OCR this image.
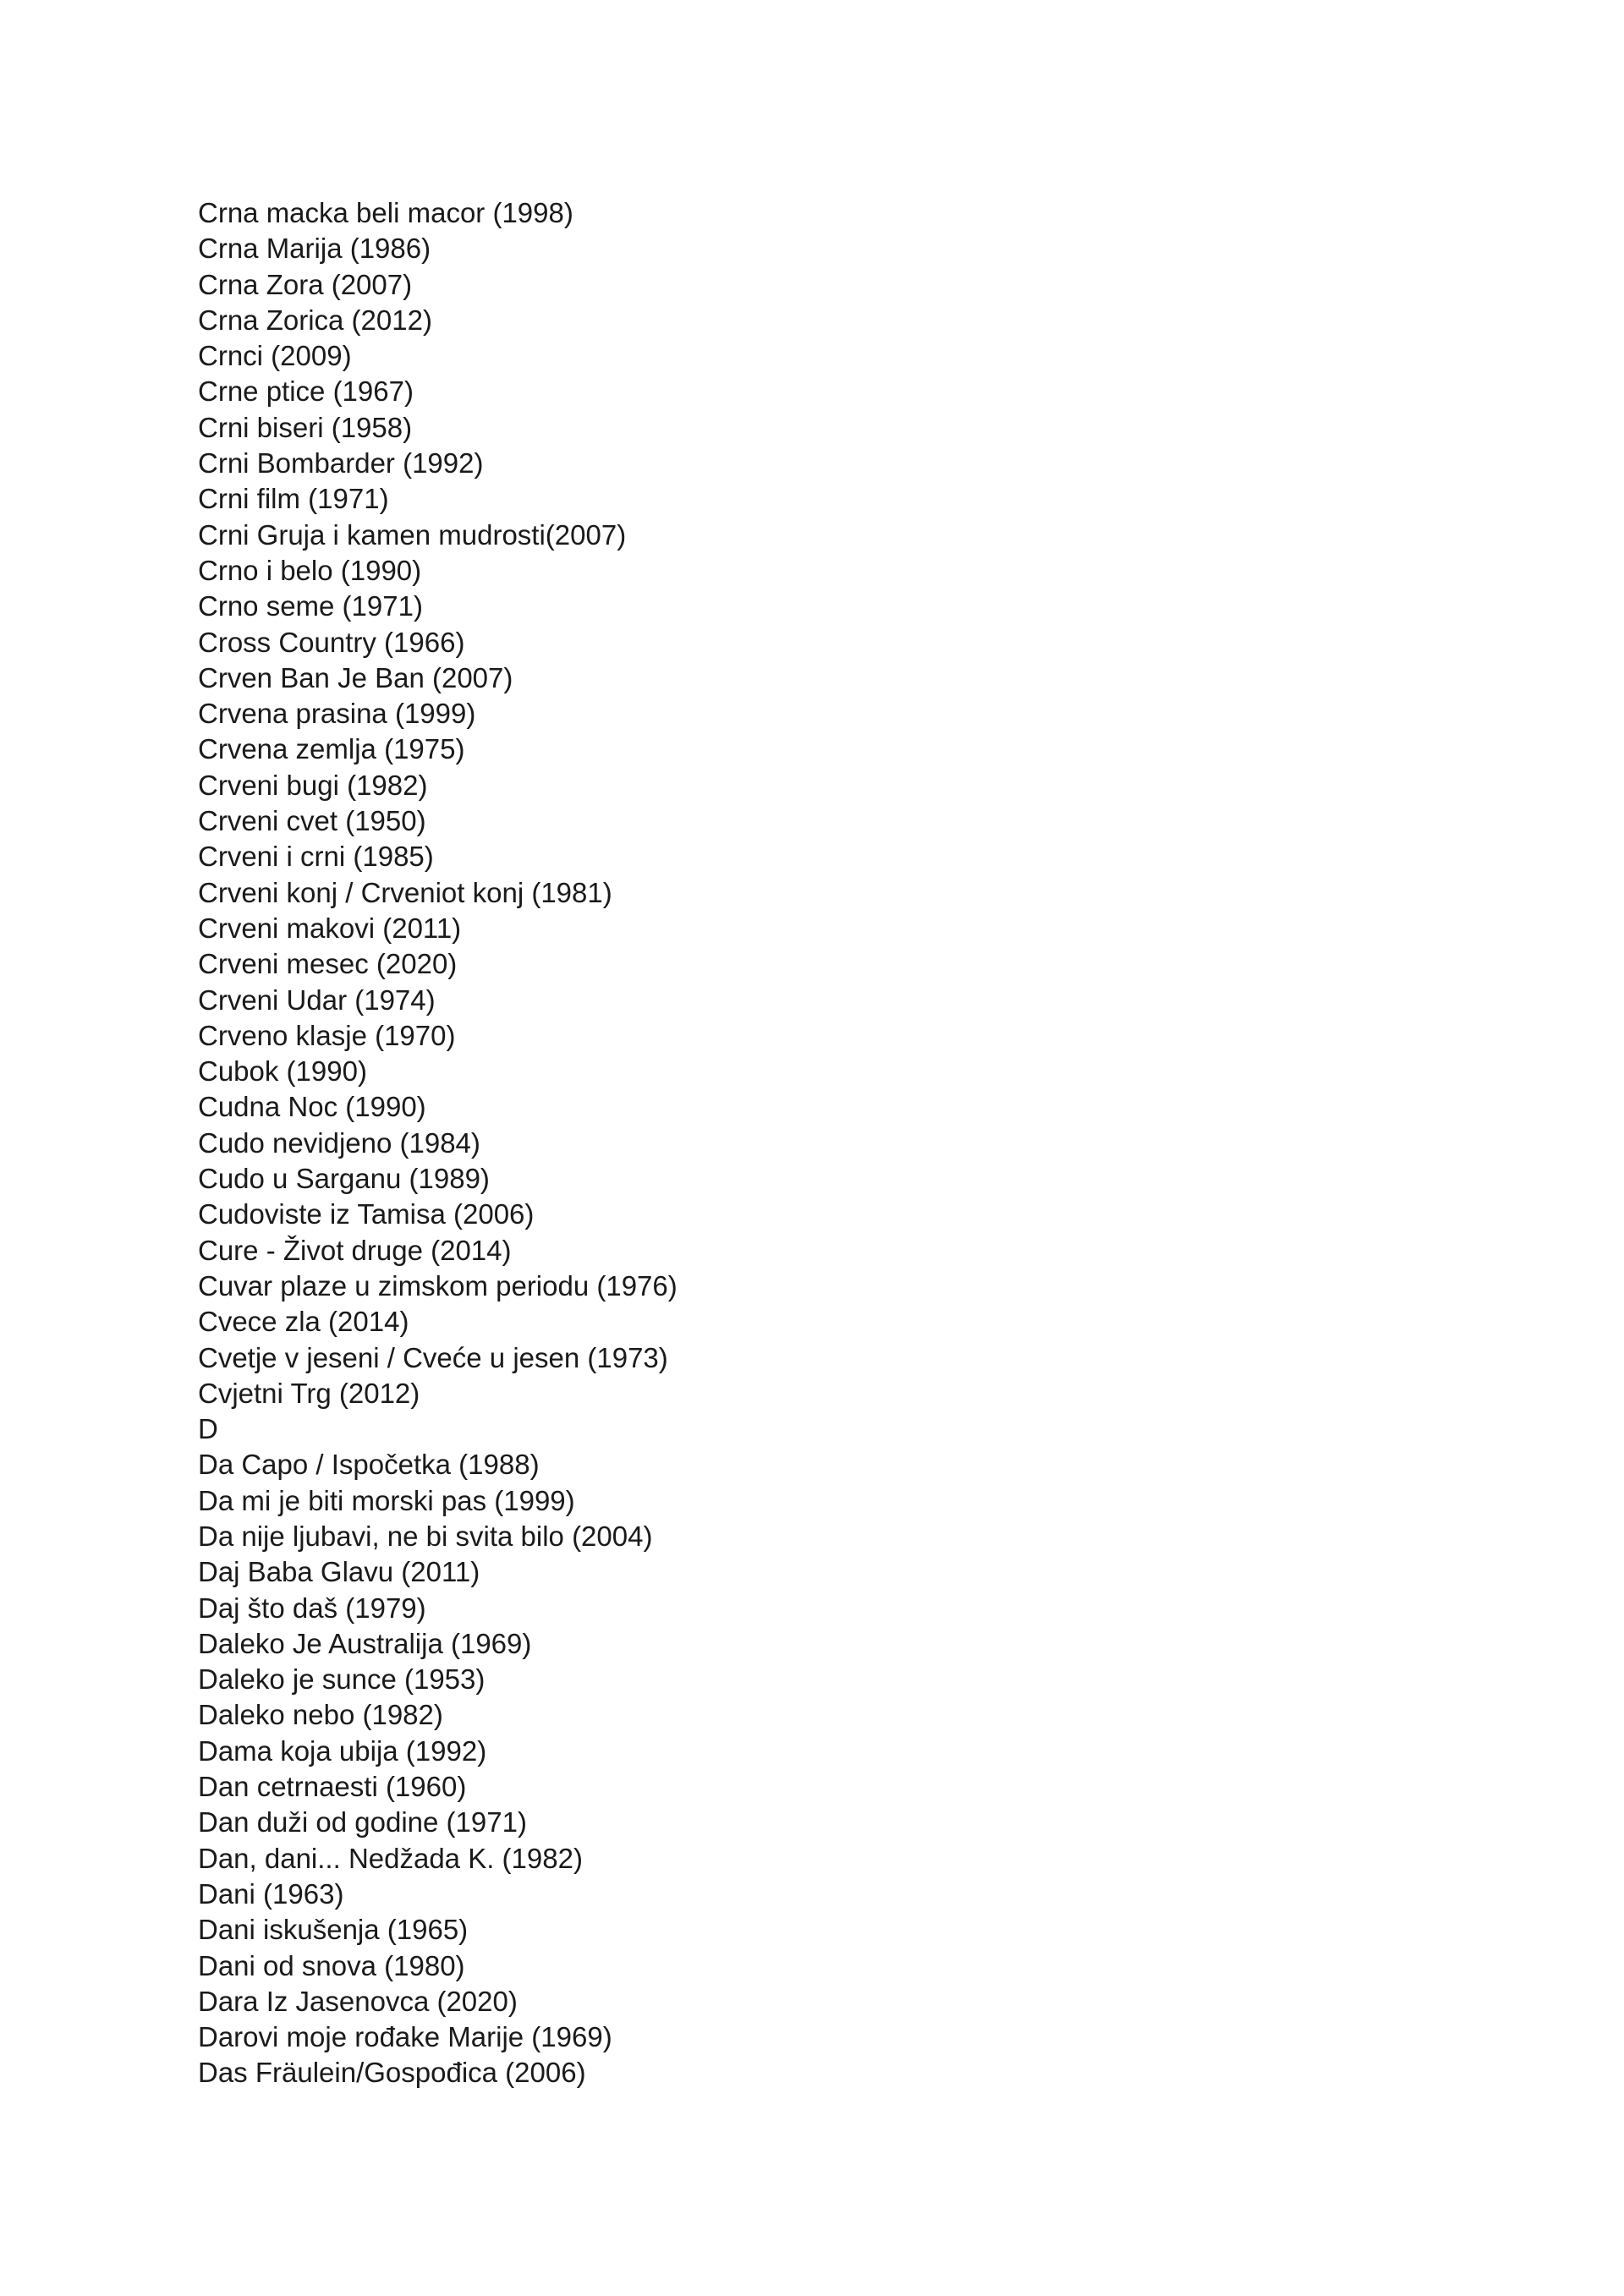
Crna macka beli macor (1998)
Crna Marija (1986)
Crna Zora (2007)
Crna Zorica (2012)
Crnci (2009)
Crne ptice (1967)
Crni biseri (1958)
Crni Bombarder (1992)
Crni film (1971)
Crni Gruja i kamen mudrosti(2007)
Crno i belo (1990)
Crno seme (1971)
Cross Country (1966)
Crven Ban Je Ban (2007)
Crvena prasina (1999)
Crvena zemlja (1975)
Crveni bugi (1982)
Crveni cvet (1950)
Crveni i crni (1985)
Crveni konj / Crveniot konj (1981)
Crveni makovi (2011)
Crveni mesec (2020)
Crveni Udar (1974)
Crveno klasje (1970)
Cubok (1990)
Cudna Noc (1990)
Cudo nevidjeno (1984)
Cudo u Sarganu (1989)
Cudoviste iz Tamisa (2006)
Cure - Život druge (2014)
Cuvar plaze u zimskom periodu (1976)
Cvece zla (2014)
Cvetje v jeseni / Cveće u jesen (1973)
Cvjetni Trg (2012)
D
Da Capo / Ispočetka (1988)
Da mi je biti morski pas (1999)
Da nije ljubavi, ne bi svita bilo (2004)
Daj Baba Glavu (2011)
Daj što daš (1979)
Daleko Je Australija (1969)
Daleko je sunce (1953)
Daleko nebo (1982)
Dama koja ubija (1992)
Dan cetrnaesti (1960)
Dan duži od godine (1971)
Dan, dani... Nedžada K. (1982)
Dani (1963)
Dani iskušenja (1965)
Dani od snova (1980)
Dara Iz Jasenovca (2020)
Darovi moje rođake Marije (1969)
Das Fräulein/Gospođica (2006)
